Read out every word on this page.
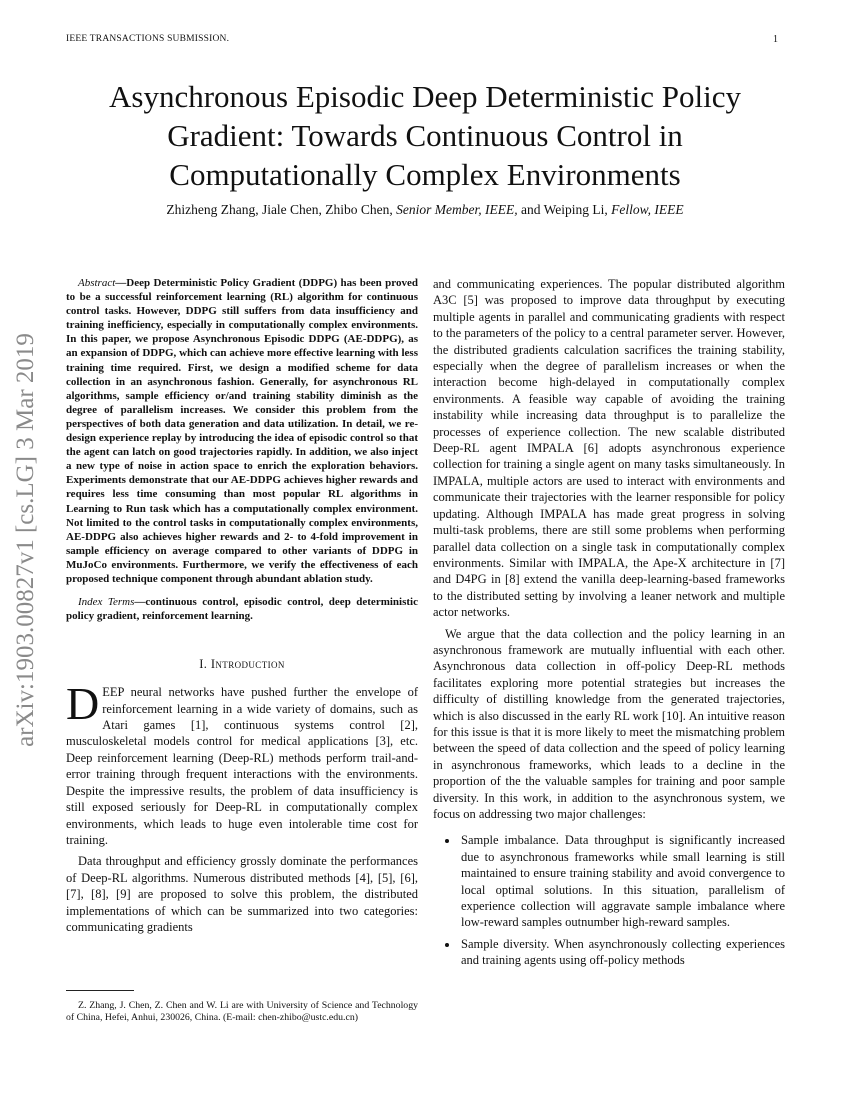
IEEE TRANSACTIONS SUBMISSION.	1
arXiv:1903.00827v1 [cs.LG] 3 Mar 2019
Asynchronous Episodic Deep Deterministic Policy Gradient: Towards Continuous Control in Computationally Complex Environments
Zhizheng Zhang, Jiale Chen, Zhibo Chen, Senior Member, IEEE, and Weiping Li, Fellow, IEEE

Abstract—Deep Deterministic Policy Gradient (DDPG) has been proved to be a successful reinforcement learning (RL) algorithm for continuous control tasks. However, DDPG still suffers from data insufficiency and training inefficiency, especially in computationally complex environments. In this paper, we propose Asynchronous Episodic DDPG (AE-DDPG), as an expansion of DDPG, which can achieve more effective learning with less training time required. First, we design a modified scheme for data collection in an asynchronous fashion. Generally, for asynchronous RL algorithms, sample efficiency or/and training stability diminish as the degree of parallelism increases. We consider this problem from the perspectives of both data generation and data utilization. In detail, we re-design experience replay by introducing the idea of episodic control so that the agent can latch on good trajectories rapidly. In addition, we also inject a new type of noise in action space to enrich the exploration behaviors. Experiments demonstrate that our AE-DDPG achieves higher rewards and requires less time consuming than most popular RL algorithms in Learning to Run task which has a computationally complex environment. Not limited to the control tasks in computationally complex environments, AE-DDPG also achieves higher rewards and 2- to 4-fold improvement in sample efficiency on average compared to other variants of DDPG in MuJoCo environments. Furthermore, we verify the effectiveness of each proposed technique component through abundant ablation study.

Index Terms—continuous control, episodic control, deep deterministic policy gradient, reinforcement learning.

I. Introduction

DEEP neural networks have pushed further the envelope of reinforcement learning in a wide variety of domains, such as Atari games [1], continuous systems control [2], musculoskeletal models control for medical applications [3], etc. Deep reinforcement learning (Deep-RL) methods perform trail-and-error training through frequent interactions with the environments. Despite the impressive results, the problem of data insufficiency is still exposed seriously for Deep-RL in computationally complex environments, which leads to huge even intolerable time cost for training.

Data throughput and efficiency grossly dominate the performances of Deep-RL algorithms. Numerous distributed methods [4], [5], [6], [7], [8], [9] are proposed to solve this problem, the distributed implementations of which can be summarized into two categories: communicating gradients

Z. Zhang, J. Chen, Z. Chen and W. Li are with University of Science and Technology of China, Hefei, Anhui, 230026, China. (E-mail: chen-zhibo@ustc.edu.cn)

and communicating experiences. The popular distributed algorithm A3C [5] was proposed to improve data throughput by executing multiple agents in parallel and communicating gradients with respect to the parameters of the policy to a central parameter server. However, the distributed gradients calculation sacrifices the training stability, especially when the degree of parallelism increases or when the interaction become high-delayed in computationally complex environments. A feasible way capable of avoiding the training instability while increasing data throughput is to parallelize the processes of experience collection. The new scalable distributed Deep-RL agent IMPALA [6] adopts asynchronous experience collection for training a single agent on many tasks simultaneously. In IMPALA, multiple actors are used to interact with environments and communicate their trajectories with the learner responsible for policy updating. Although IMPALA has made great progress in solving multi-task problems, there are still some problems when performing parallel data collection on a single task in computationally complex environments. Similar with IMPALA, the Ape-X architecture in [7] and D4PG in [8] extend the vanilla deep-learning-based frameworks to the distributed setting by involving a leaner network and multiple actor networks.

We argue that the data collection and the policy learning in an asynchronous framework are mutually influential with each other. Asynchronous data collection in off-policy Deep-RL methods facilitates exploring more potential strategies but increases the difficulty of distilling knowledge from the generated trajectories, which is also discussed in the early RL work [10]. An intuitive reason for this issue is that it is more likely to meet the mismatching problem between the speed of data collection and the speed of policy learning in asynchronous frameworks, which leads to a decline in the proportion of the the valuable samples for training and poor sample diversity. In this work, in addition to the asynchronous system, we focus on addressing two major challenges:

• Sample imbalance. Data throughput is significantly increased due to asynchronous frameworks while small learning is still maintained to ensure training stability and avoid convergence to local optimal solutions. In this situation, parallelism of experience collection will aggravate sample imbalance where low-reward samples outnumber high-reward samples.
• Sample diversity. When asynchronously collecting experiences and training agents using off-policy methods
